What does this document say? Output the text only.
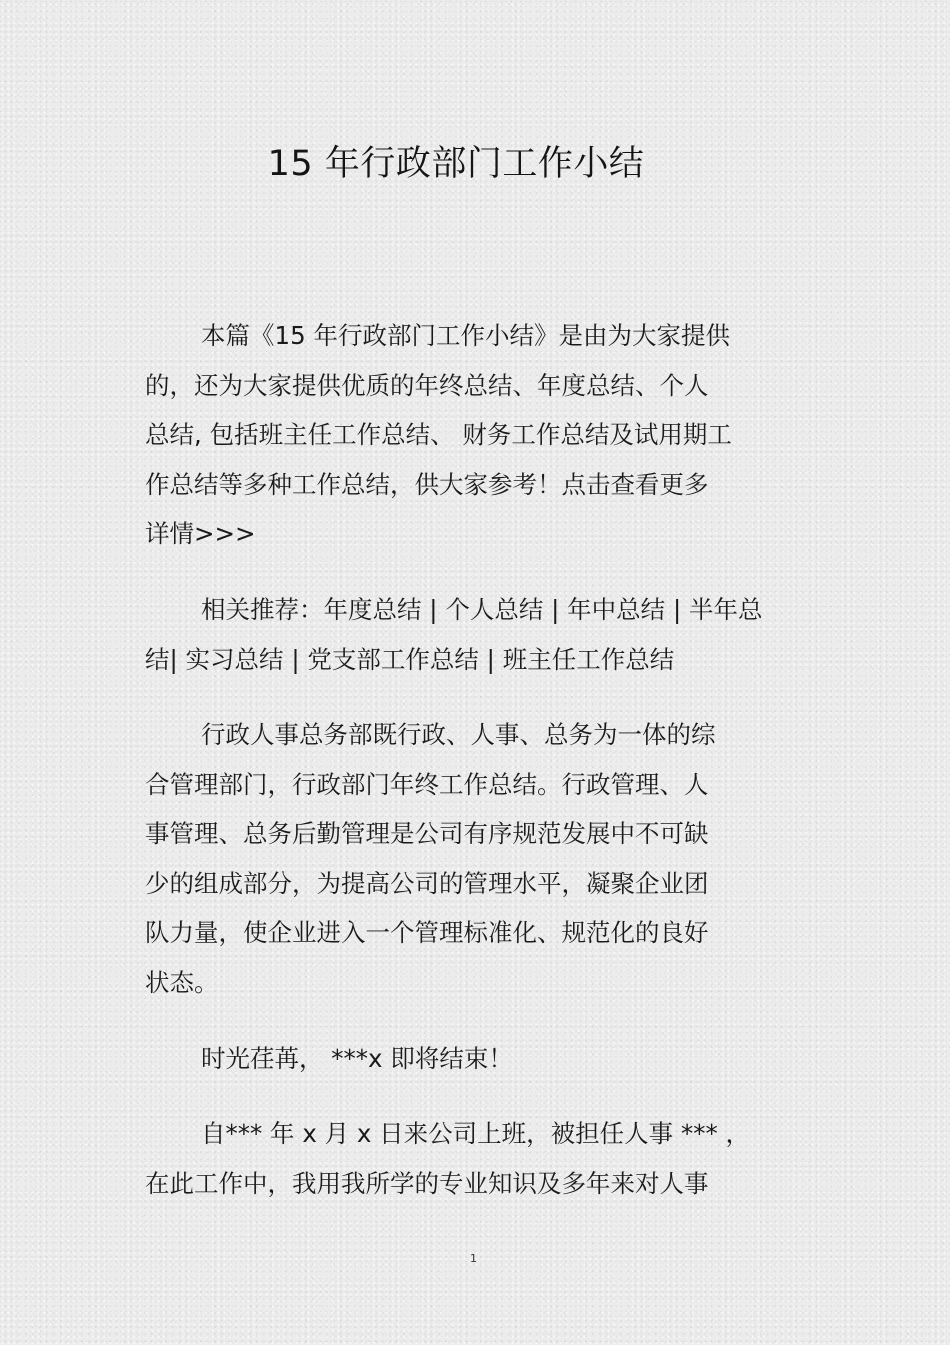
15 年行政部门工作小结
本篇《15 年行政部门工作小结》是由为大家提供
的，还为大家提供优质的年终总结、年度总结、个人
总结, 包括班主任工作总结、 财务工作总结及试用期工
作总结等多种工作总结，供大家参考！点击查看更多
详情>>>
相关推荐：年度总结 | 个人总结 | 年中总结 | 半年总
结| 实习总结 | 党支部工作总结 | 班主任工作总结
行政人事总务部既行政、人事、总务为一体的综
合管理部门，行政部门年终工作总结。行政管理、人
事管理、总务后勤管理是公司有序规范发展中不可缺
少的组成部分，为提高公司的管理水平，凝聚企业团
队力量，使企业进入一个管理标准化、规范化的良好
状态。
时光荏苒， ***x 即将结束！
自*** 年 x 月 x 日来公司上班，被担任人事 *** ，
在此工作中，我用我所学的专业知识及多年来对人事
1
